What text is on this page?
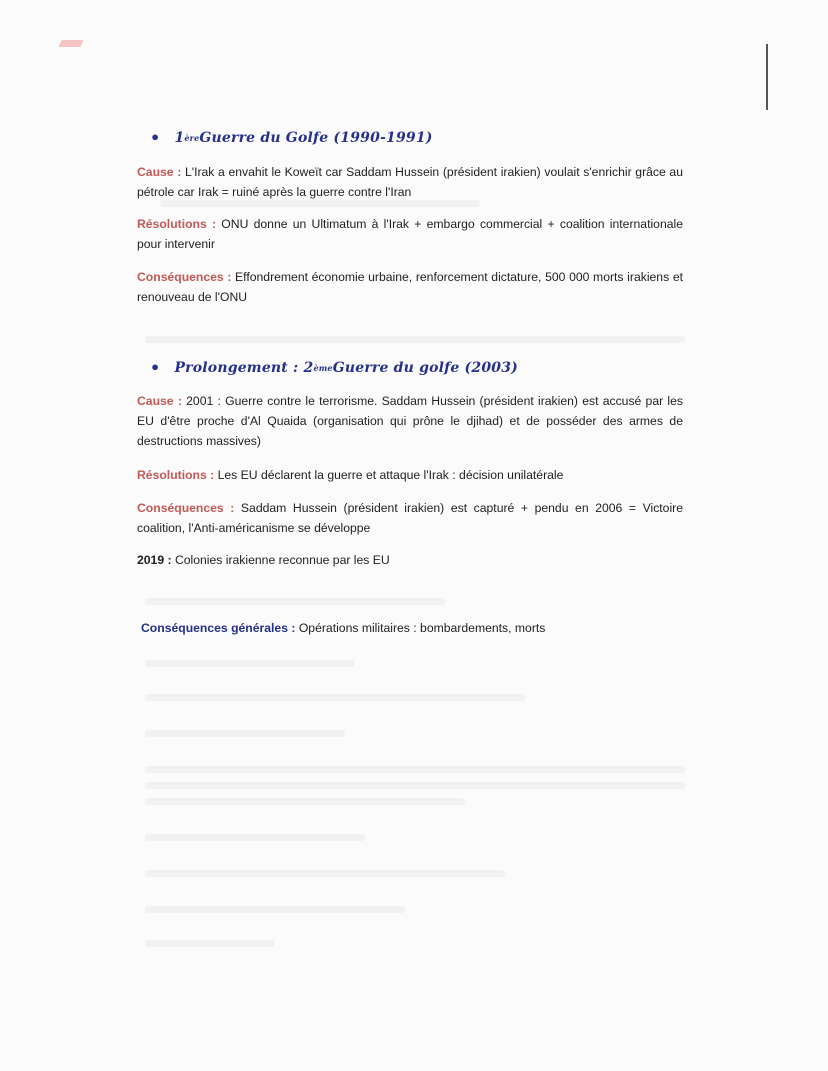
• 1 ère Guerre du Golfe (1990-1991)
Cause : L'Irak a envahit le Koweït car Saddam Hussein (président irakien) voulait s'enrichir grâce au pétrole car Irak = ruiné après la guerre contre l'Iran
Résolutions : ONU donne un Ultimatum à l'Irak + embargo commercial + coalition internationale pour intervenir
Conséquences : Effondrement économie urbaine, renforcement dictature, 500 000 morts irakiens et renouveau de l'ONU
• Prolongement : 2 ème Guerre du golfe (2003)
Cause : 2001 : Guerre contre le terrorisme. Saddam Hussein (président irakien) est accusé par les EU d'être proche d'Al Quaida (organisation qui prône le djihad) et de posséder des armes de destructions massives)
Résolutions : Les EU déclarent la guerre et attaque l'Irak : décision unilatérale
Conséquences : Saddam Hussein (président irakien) est capturé + pendu en 2006 = Victoire coalition, l'Anti-américanisme se développe
2019 : Colonies irakienne reconnue par les EU
Conséquences générales : Opérations militaires : bombardements, morts
